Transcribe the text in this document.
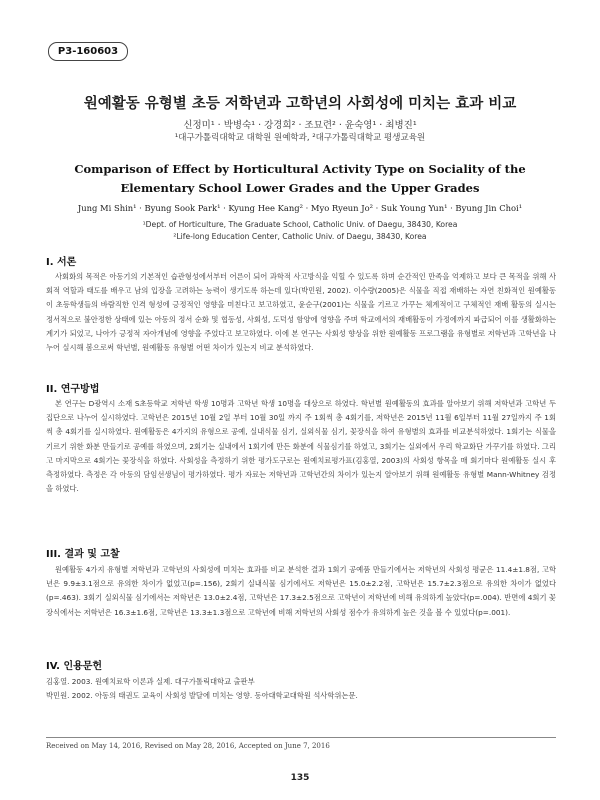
P3-160603
원예활동 유형별 초등 저학년과 고학년의 사회성에 미치는 효과 비교
신정미¹ · 박병숙¹ · 강경희² · 조묘련² · 윤숙영¹ · 최병진¹
¹대구가톨릭대학교 대학원 원예학과, ²대구가톨릭대학교 평생교육원
Comparison of Effect by Horticultural Activity Type on Sociality of the Elementary School Lower Grades and the Upper Grades
Jung Mi Shin¹ · Byung Sook Park¹ · Kyung Hee Kang² · Myo Ryeun Jo² · Suk Young Yun¹ · Byung Jin Choi¹
¹Dept. of Horticulture, The Graduate School, Catholic Univ. of Daegu, 38430, Korea
²Life-long Education Center, Catholic Univ. of Daegu, 38430, Korea
I. 서론
사회화의 목적은 아동기의 기본적인 습관형성에서부터 어른이 되어 과학적 사고방식을 익힐 수 있도록 하며 순간적인 만족을 억제하고 보다 큰 목적을 위해 사회적 역할과 태도를 배우고 남의 입장을 고려하는 능력이 생기도록 하는데 있다(박민원, 2002). 이수량(2005)은 식물을 직접 재배하는 자연 친화적인 원예활동이 초등학생들의 바람직한 인격 형성에 긍정적인 영향을 미친다고 보고하였고, 윤순구(2001)는 식물을 기르고 가꾸는 체계적이고 구체적인 재배 활동의 실시는 정서적으로 불안정한 상태에 있는 아동의 정서 순화 및 협동성, 사회성, 도덕성 함양에 영향을 주며 학교에서의 재배활동이 가정에까지 파급되어 이를 생활화하는 계기가 되었고, 나아가 긍정적 자아개념에 영향을 주었다고 보고하였다. 이에 본 연구는 사회성 향상을 위한 원예활동 프로그램을 유형별로 저학년과 고학년을 나누어 실시해 봄으로써 학년별, 원예활동 유형별 어떤 차이가 있는지 비교 분석하였다.
II. 연구방법
본 연구는 D광역시 소재 S초등학교 저학년 학생 10명과 고학년 학생 10명을 대상으로 하였다. 학년별 원예활동의 효과를 알아보기 위해 저학년과 고학년 두 집단으로 나누어 실시하였다. 고학년은 2015년 10월 2일 부터 10월 30일 까지 주 1회씩 총 4회기를, 저학년은 2015년 11월 6일부터 11월 27일까지 주 1회씩 총 4회기를 실시하였다. 원예활동은 4가지의 유형으로 공예, 실내식물 심기, 실외식물 심기, 꽃장식을 하여 유형별의 효과를 비교분석하였다. 1회기는 식물을 기르기 위한 화분 만들기로 공예를 하였으며, 2회기는 실내에서 1회기에 만든 화분에 식물심기를 하였고, 3회기는 실외에서 우리 학교화단 가꾸기를 하였다. 그리고 마지막으로 4회기는 꽃장식을 하였다. 사회성을 측정하기 위한 평가도구로는 원예치료평가표(김홍열, 2003)의 사회성 항목을 매 회기마다 원예활동 실시 후 측정하였다. 측정은 각 아동의 담임선생님이 평가하였다. 평가 자료는 저학년과 고학년간의 차이가 있는지 알아보기 위해 원예활동 유형별 Mann-Whitney 검정을 하였다.
III. 결과 및 고찰
원예활동 4가지 유형별 저학년과 고학년의 사회성에 미치는 효과를 비교 분석한 결과 1회기 공예품 만들기에서는 저학년의 사회성 평균은 11.4±1.8점, 고학년은 9.9±3.1점으로 유의한 차이가 없었고(p=.156), 2회기 실내식물 심기에서도 저학년은 15.0±2.2점, 고학년은 15.7±2.3점으로 유의한 차이가 없었다(p=.463). 3회기 실외식물 심기에서는 저학년은 13.0±2.4점, 고학년은 17.3±2.5점으로 고학년이 저학년에 비해 유의하게 높았다(p=.004). 반면에 4회기 꽃장식에서는 저학년은 16.3±1.6점, 고학년은 13.3±1.3점으로 고학년에 비해 저학년의 사회성 점수가 유의하게 높은 것을 볼 수 있었다(p=.001).
IV. 인용문헌
김홍열. 2003. 원예치료학 이론과 실제. 대구가톨릭대학교 출판부
박민원. 2002. 아동의 태권도 교육이 사회성 발달에 미치는 영향. 동아대학교대학원 석사학위논문.
Received on May 14, 2016, Revised on May 28, 2016, Accepted on June 7, 2016
135
